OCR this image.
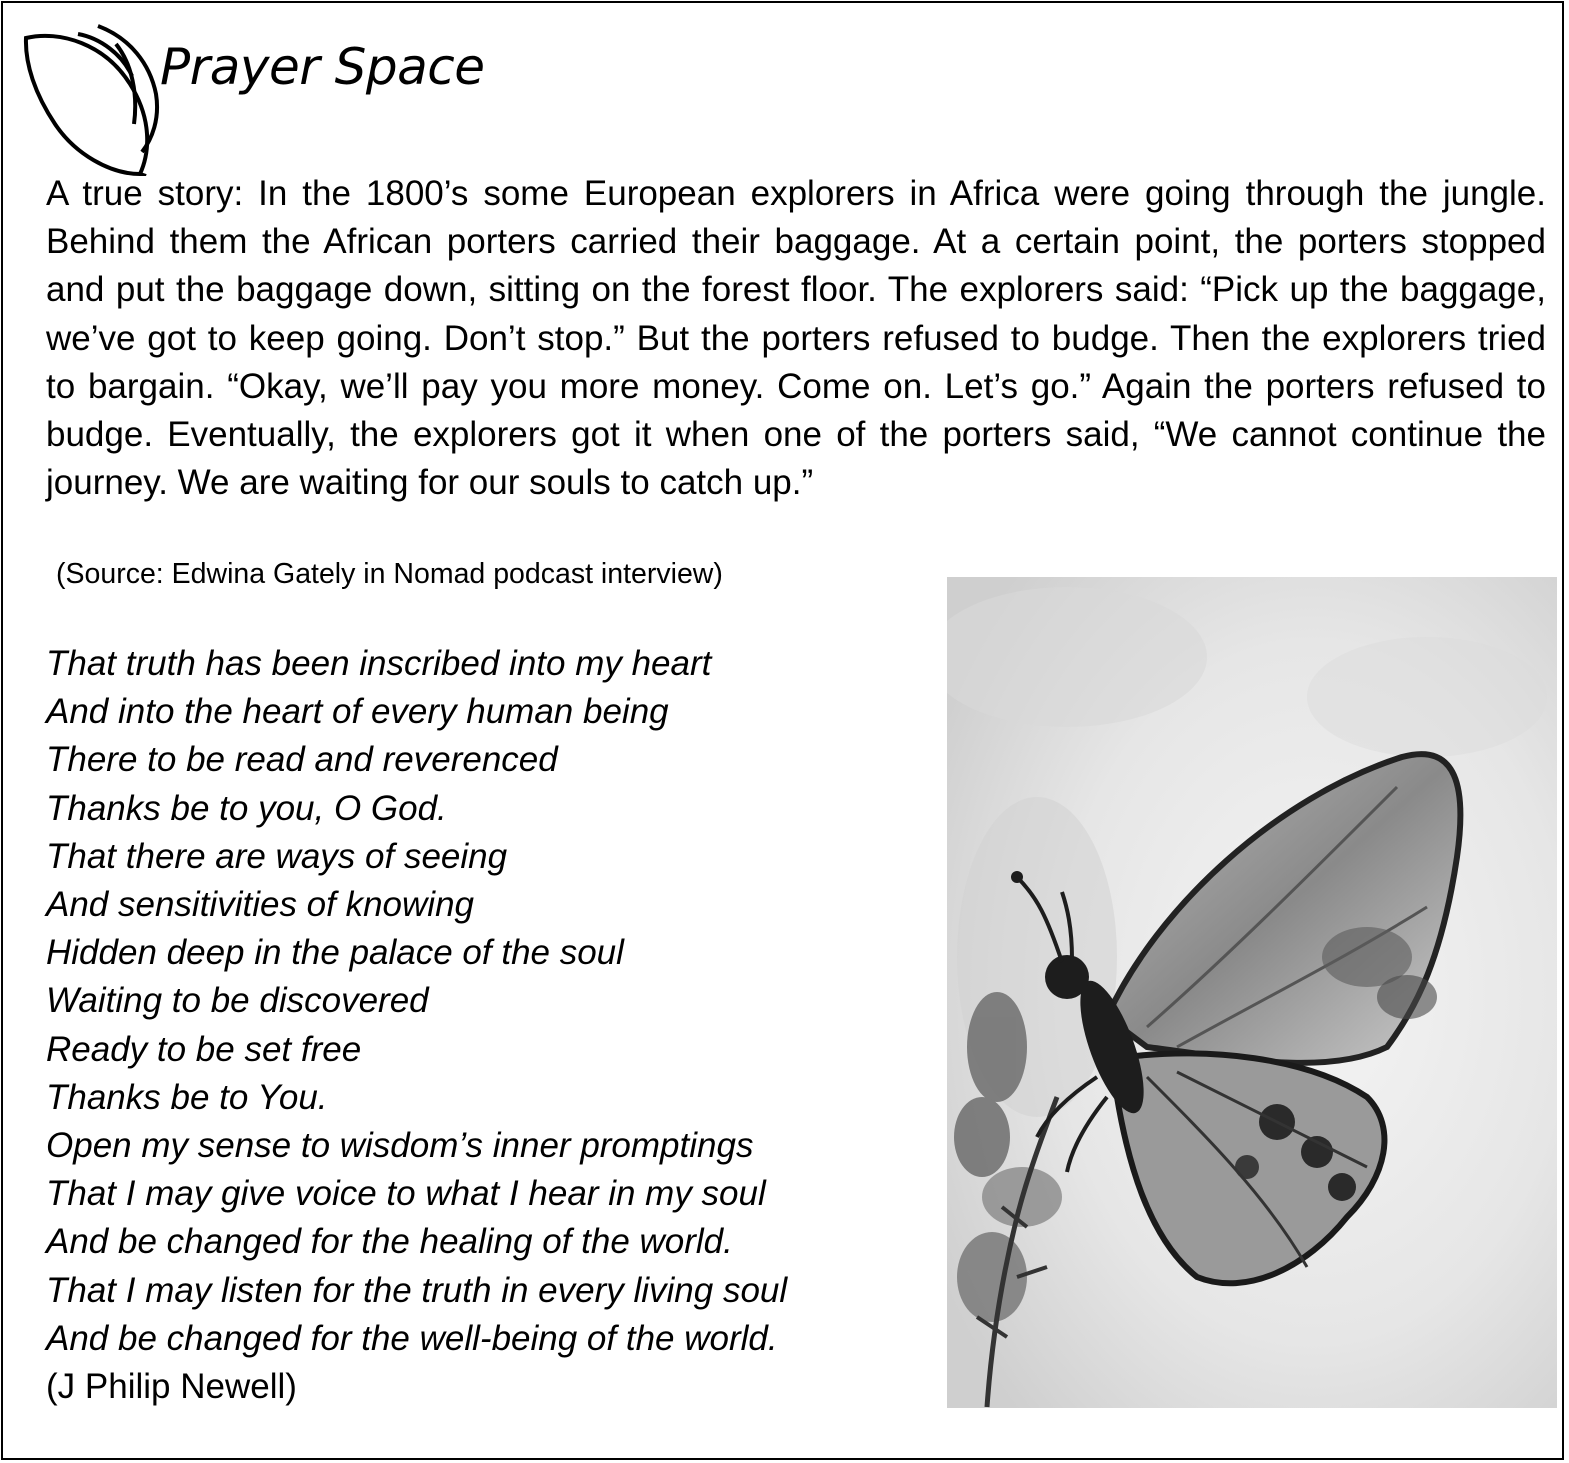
Prayer Space

A true story: In the 1800’s some European explorers in Africa were going through the jungle. Behind them the African porters carried their baggage. At a certain point, the porters stopped and put the baggage down, sitting on the forest floor. The explorers said: “Pick up the baggage, we’ve got to keep going. Don’t stop.” But the porters refused to budge. Then the explorers tried to bargain. “Okay, we’ll pay you more money. Come on. Let’s go.” Again the porters refused to budge. Eventually, the explorers got it when one of the porters said, “We cannot continue the journey. We are waiting for our souls to catch up.”

(Source: Edwina Gately in Nomad podcast interview)
That truth has been inscribed into my heart
And into the heart of every human being
There to be read and reverenced
Thanks be to you, O God.
That there are ways of seeing
And sensitivities of knowing
Hidden deep in the palace of the soul
Waiting to be discovered
Ready to be set free
Thanks be to You.
Open my sense to wisdom’s inner promptings
That I may give voice to what I hear in my soul
And be changed for the healing of the world.
That I may listen for the truth in every living soul
And be changed for the well-being of the world.
(J Philip Newell)
